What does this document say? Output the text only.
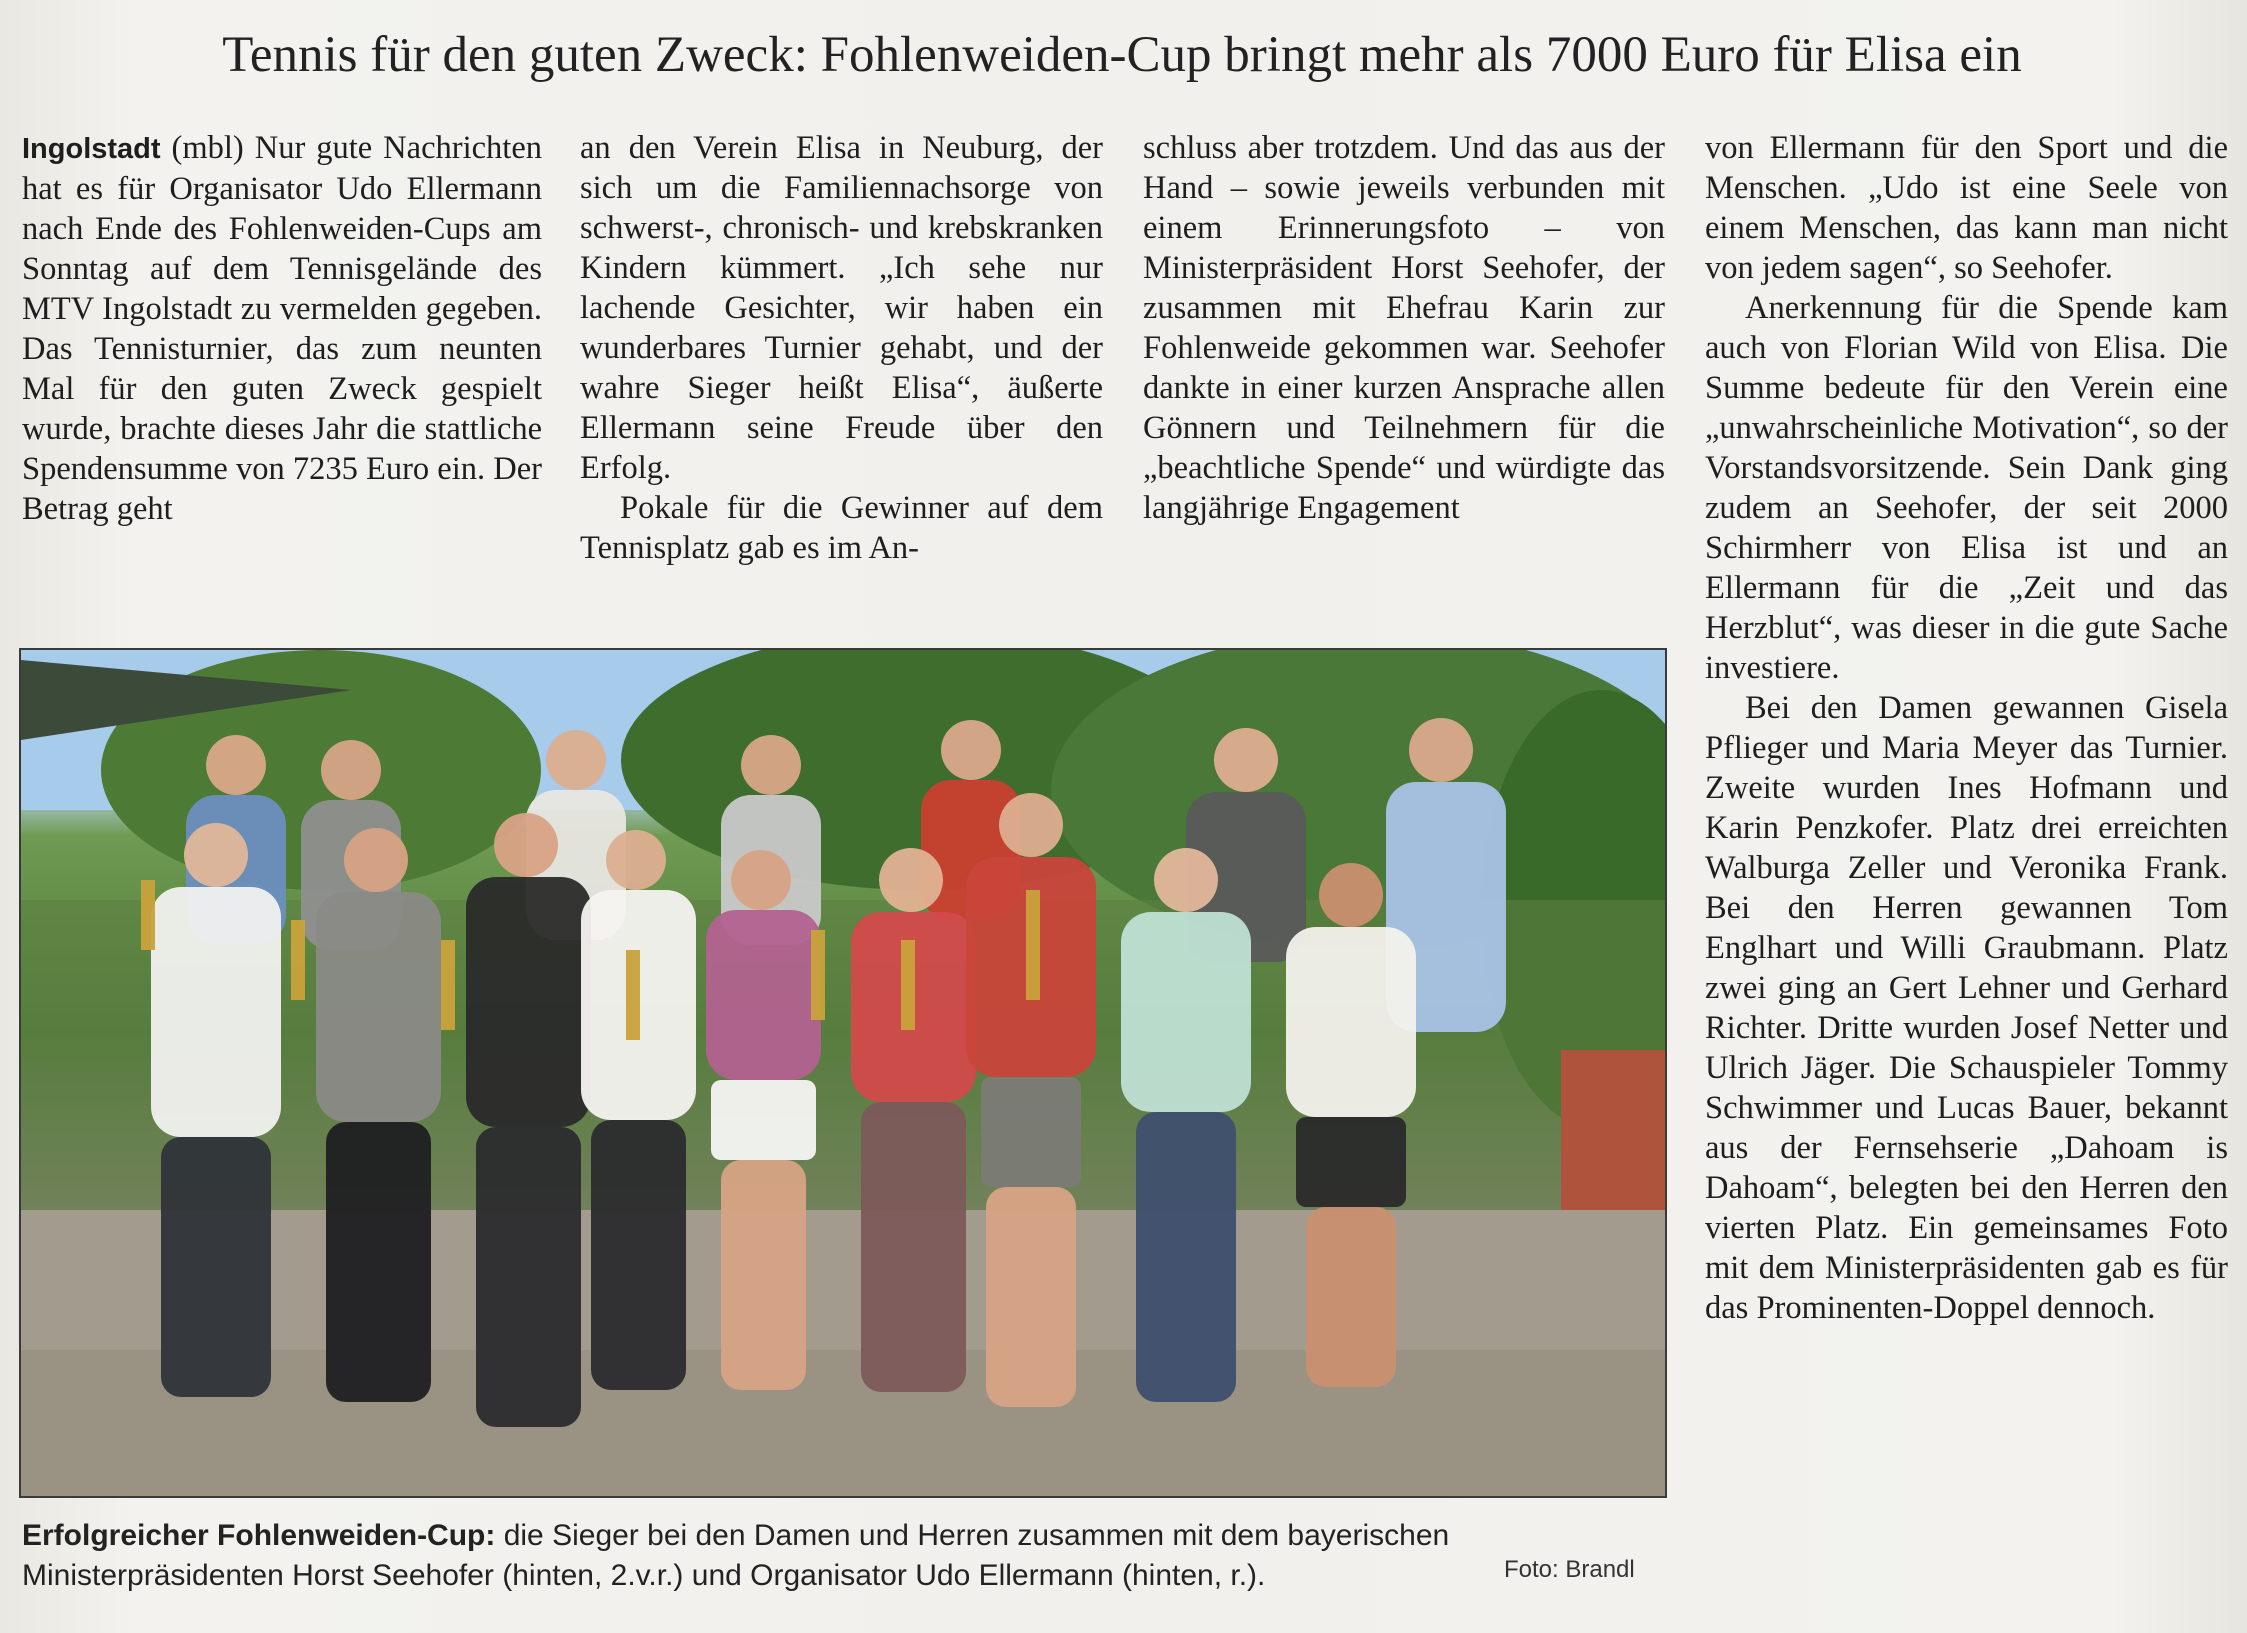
Tennis für den guten Zweck: Fohlenweiden-Cup bringt mehr als 7000 Euro für Elisa ein

Ingolstadt (mbl) Nur gute Nachrichten hat es für Organisator Udo Ellermann nach Ende des Fohlenweiden-Cups am Sonntag auf dem Tennisgelände des MTV Ingolstadt zu vermelden gegeben. Das Tennisturnier, das zum neunten Mal für den guten Zweck gespielt wurde, brachte dieses Jahr die stattliche Spendensumme von 7235 Euro ein. Der Betrag geht

an den Verein Elisa in Neuburg, der sich um die Familiennachsorge von schwerst-, chronisch- und krebskranken Kindern kümmert. „Ich sehe nur lachende Gesichter, wir haben ein wunderbares Turnier gehabt, und der wahre Sieger heißt Elisa“, äußerte Ellermann seine Freude über den Erfolg.

Pokale für die Gewinner auf dem Tennisplatz gab es im An-

schluss aber trotzdem. Und das aus der Hand – sowie jeweils verbunden mit einem Erinnerungsfoto – von Ministerpräsident Horst Seehofer, der zusammen mit Ehefrau Karin zur Fohlenweide gekommen war. Seehofer dankte in einer kurzen Ansprache allen Gönnern und Teilnehmern für die „beachtliche Spende“ und würdigte das langjährige Engagement

von Ellermann für den Sport und die Menschen. „Udo ist eine Seele von einem Menschen, das kann man nicht von jedem sagen“, so Seehofer.

Anerkennung für die Spende kam auch von Florian Wild von Elisa. Die Summe bedeute für den Verein eine „unwahrscheinliche Motivation“, so der Vorstandsvorsitzende. Sein Dank ging zudem an Seehofer, der seit 2000 Schirmherr von Elisa ist und an Ellermann für die „Zeit und das Herzblut“, was dieser in die gute Sache investiere.

Bei den Damen gewannen Gisela Pflieger und Maria Meyer das Turnier. Zweite wurden Ines Hofmann und Karin Penzkofer. Platz drei erreichten Walburga Zeller und Veronika Frank. Bei den Herren gewannen Tom Englhart und Willi Graubmann. Platz zwei ging an Gert Lehner und Gerhard Richter. Dritte wurden Josef Netter und Ulrich Jäger. Die Schauspieler Tommy Schwimmer und Lucas Bauer, bekannt aus der Fernsehserie „Dahoam is Dahoam“, belegten bei den Herren den vierten Platz. Ein gemeinsames Foto mit dem Ministerpräsidenten gab es für das Prominenten-Doppel dennoch.

Erfolgreicher Fohlenweiden-Cup: die Sieger bei den Damen und Herren zusammen mit dem bayerischen Ministerpräsidenten Horst Seehofer (hinten, 2.v.r.) und Organisator Udo Ellermann (hinten, r.).	Foto: Brandl
